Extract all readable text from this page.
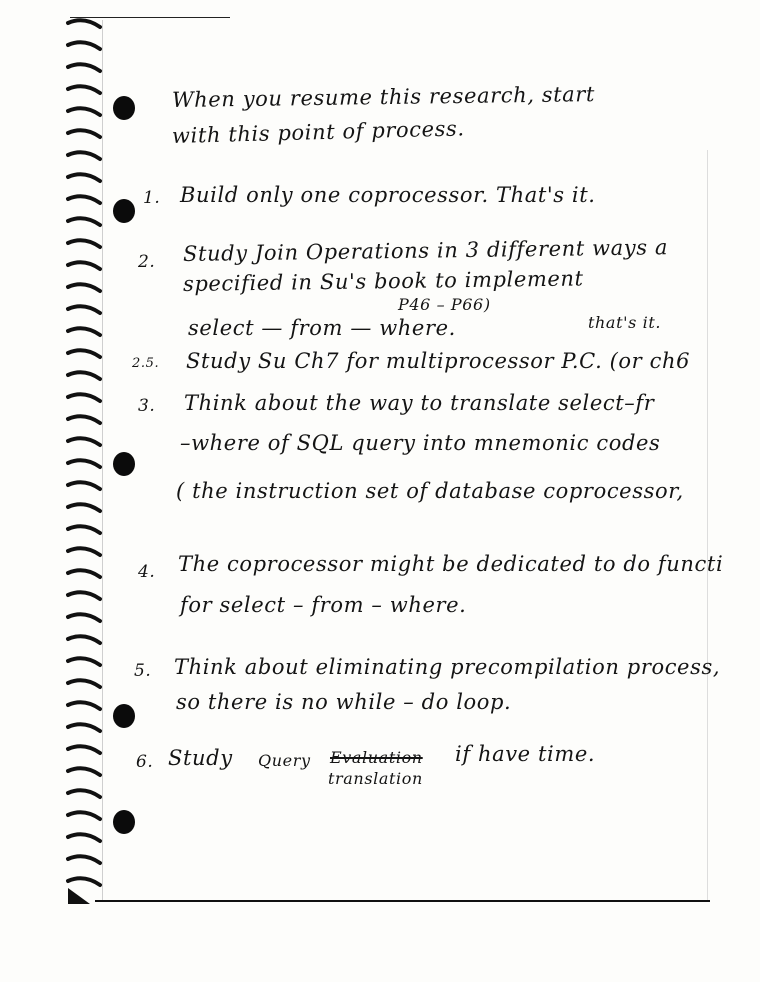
When you resume this research, start
with this point of process.
1. Build only one coprocessor. That's it.
2. Study Join Operations in 3 different ways a
specified in Su's book to implement
P46 – P66)
select — from — where.	that's it.
2.5. Study Su Ch7 for multiprocessor P.C. (or ch6
3. Think about the way to translate select–fr
–where of SQL query into mnemonic codes
( the instruction set of database coprocessor,
4. The coprocessor might be dedicated to do functi
for select – from – where.
5. Think about eliminating precompilation process,
so there is no while – do loop.
6. Study Query Evaluation
translation
if have time.
